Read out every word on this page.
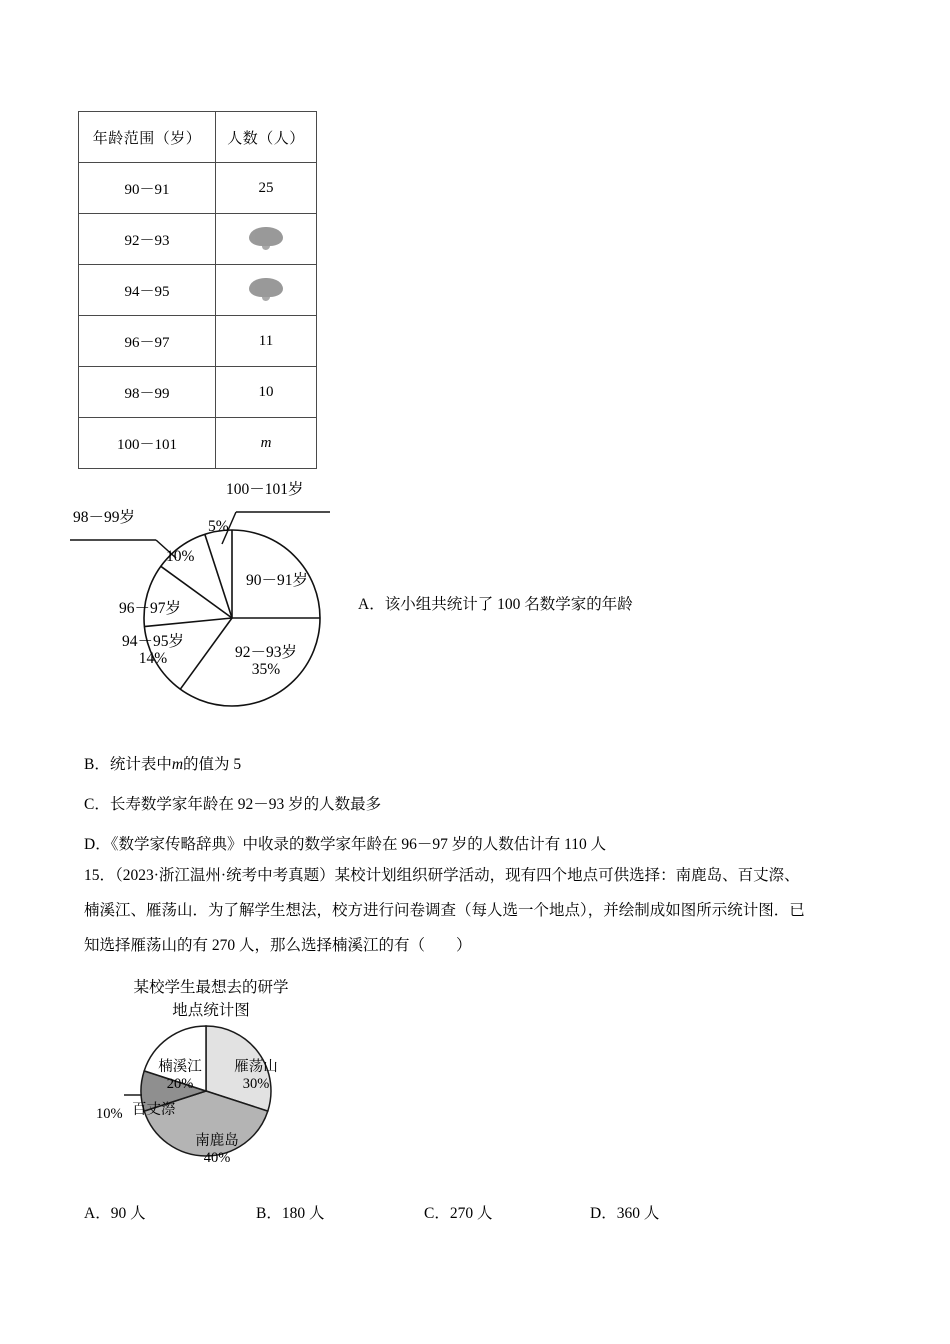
年龄范围（岁）	人数（人）
90－91	25
92－93	
94－95	
96－97	11
98－99	10
100－101	m
100－101岁
5%
98－99岁
10%
96－97岁
94－95岁
14%
90－91岁
92－93岁
35%
A．该小组共统计了 100 名数学家的年龄
B．统计表中m的值为 5
C．长寿数学家年龄在 92－93 岁的人数最多
D．《数学家传略辞典》中收录的数学家年龄在 96－97 岁的人数估计有 110 人

15．（2023·浙江温州·统考中考真题）某校计划组织研学活动，现有四个地点可供选择：南鹿岛、百丈漈、

楠溪江、雁荡山．为了解学生想法，校方进行问卷调查（每人选一个地点），并绘制成如图所示统计图．已

知选择雁荡山的有 270 人，那么选择楠溪江的有（　　）

某校学生最想去的研学
地点统计图
雁荡山
30%
南鹿岛
40%
百丈漈
10%
楠溪江
20%
A．90 人	B．180 人	C．270 人	D．360 人
